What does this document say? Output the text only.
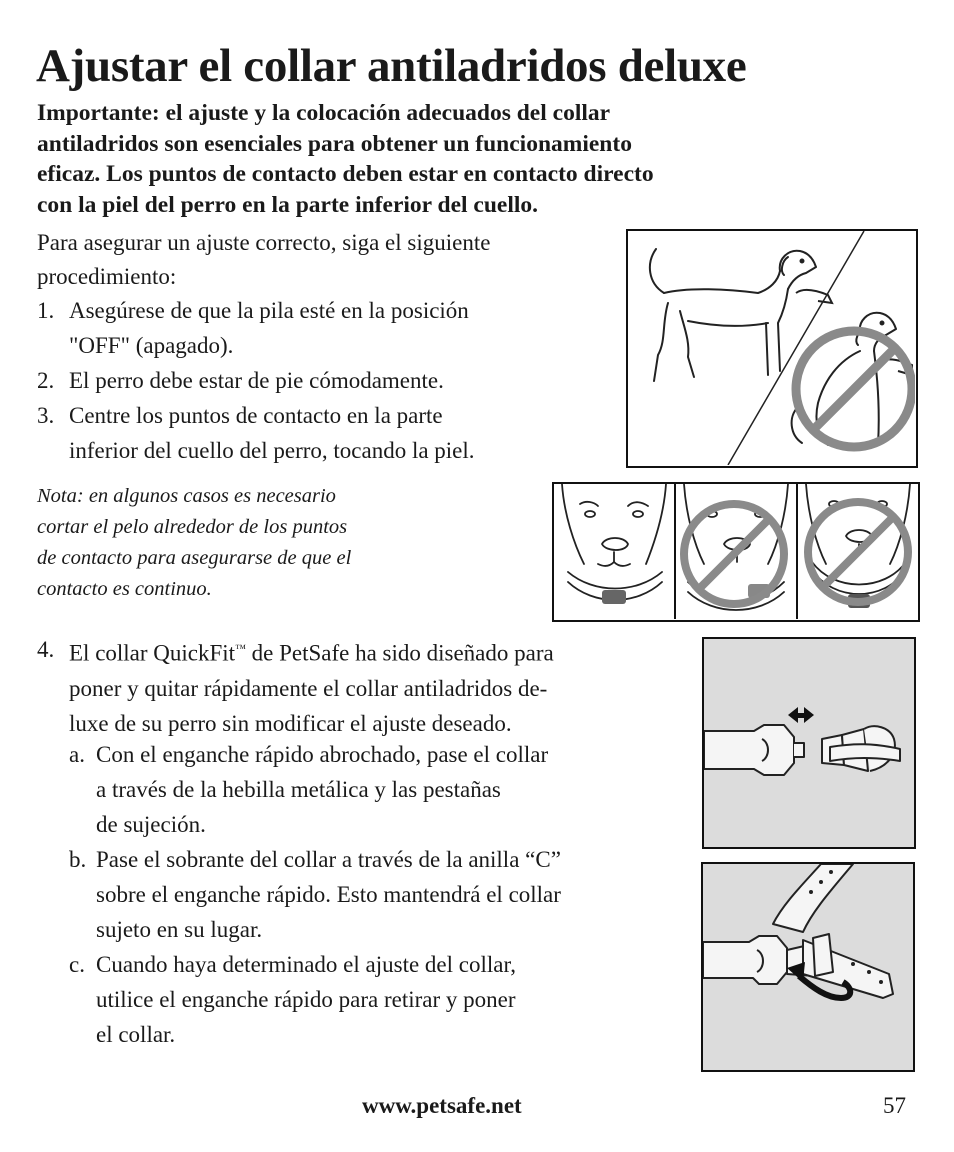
Ajustar el collar antiladridos deluxe
Importante: el ajuste y la colocación adecuados del collar
antiladridos son esenciales para obtener un funcionamiento
eficaz. Los puntos de contacto deben estar en contacto directo
con la piel del perro en la parte inferior del cuello.
Para asegurar un ajuste correcto, siga el siguiente
procedimiento:
1. Asegúrese de que la pila esté en la posición
"OFF" (apagado).
2. El perro debe estar de pie cómodamente.
3. Centre los puntos de contacto en la parte
inferior del cuello del perro, tocando la piel.
Nota: en algunos casos es necesario
cortar el pelo alrededor de los puntos
de contacto para asegurarse de que el
contacto es continuo.
4. El collar QuickFit™ de PetSafe ha sido diseñado para
poner y quitar rápidamente el collar antiladridos de-
luxe de su perro sin modificar el ajuste deseado.
a. Con el enganche rápido abrochado, pase el collar
a través de la hebilla metálica y las pestañas
de sujeción.
b. Pase el sobrante del collar a través de la anilla “C”
sobre el enganche rápido. Esto mantendrá el collar
sujeto en su lugar.
c. Cuando haya determinado el ajuste del collar,
utilice el enganche rápido para retirar y poner
el collar.
www.petsafe.net	57
